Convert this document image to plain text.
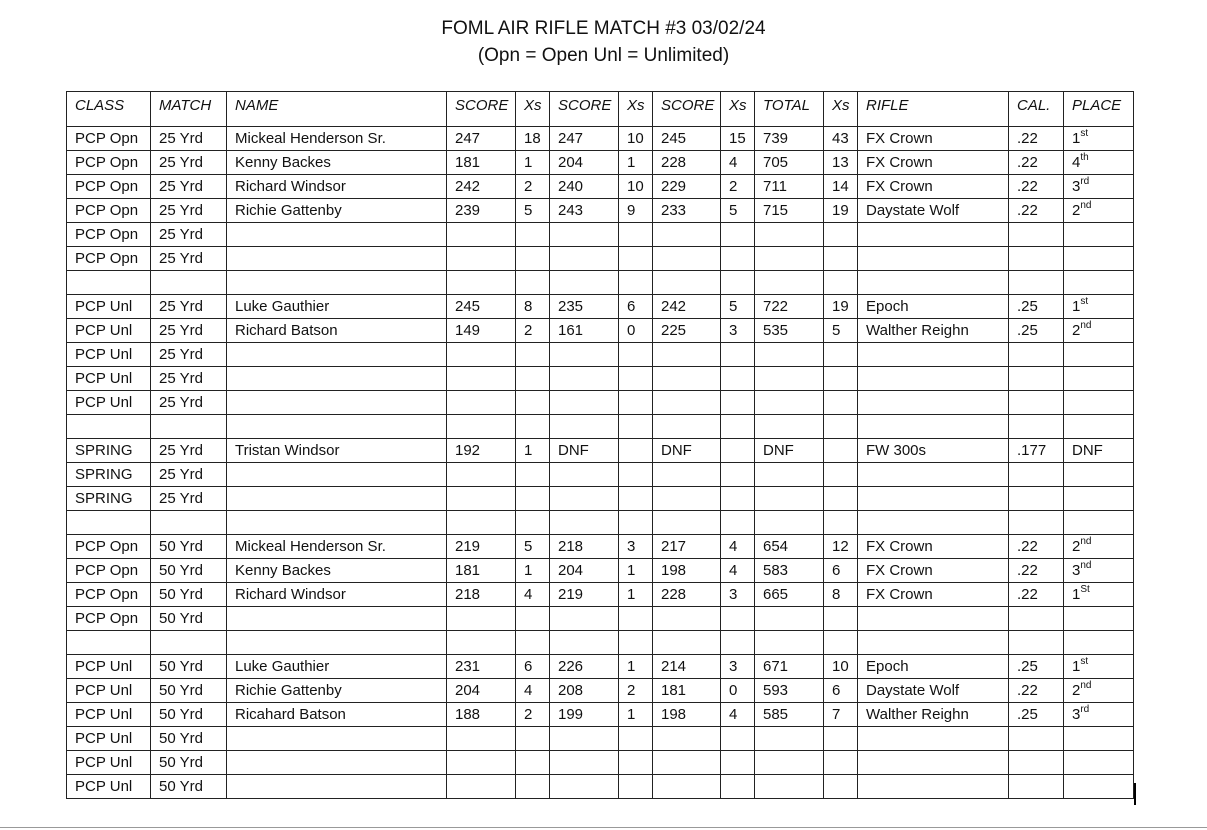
FOML AIR RIFLE MATCH #3 03/02/24
(Opn = Open Unl = Unlimited)
CLASS	MATCH	NAME	SCORE	Xs	SCORE	Xs	SCORE	Xs	TOTAL	Xs	RIFLE	CAL.	PLACE
PCP Opn	25 Yrd	Mickeal Henderson Sr.	247	18	247	10	245	15	739	43	FX Crown	.22	1st
PCP Opn	25 Yrd	Kenny Backes	181	1	204	1	228	4	705	13	FX Crown	.22	4th
PCP Opn	25 Yrd	Richard Windsor	242	2	240	10	229	2	711	14	FX Crown	.22	3rd
PCP Opn	25 Yrd	Richie Gattenby	239	5	243	9	233	5	715	19	Daystate Wolf	.22	2nd
PCP Opn	25 Yrd												
PCP Opn	25 Yrd												

PCP Unl	25 Yrd	Luke Gauthier	245	8	235	6	242	5	722	19	Epoch	.25	1st
PCP Unl	25 Yrd	Richard Batson	149	2	161	0	225	3	535	5	Walther Reighn	.25	2nd
PCP Unl	25 Yrd												
PCP Unl	25 Yrd												
PCP Unl	25 Yrd												

SPRING	25 Yrd	Tristan Windsor	192	1	DNF		DNF		DNF		FW 300s	.177	DNF
SPRING	25 Yrd												
SPRING	25 Yrd												

PCP Opn	50 Yrd	Mickeal Henderson Sr.	219	5	218	3	217	4	654	12	FX Crown	.22	2nd
PCP Opn	50 Yrd	Kenny Backes	181	1	204	1	198	4	583	6	FX Crown	.22	3nd
PCP Opn	50 Yrd	Richard Windsor	218	4	219	1	228	3	665	8	FX Crown	.22	1St
PCP Opn	50 Yrd												

PCP Unl	50 Yrd	Luke Gauthier	231	6	226	1	214	3	671	10	Epoch	.25	1st
PCP Unl	50 Yrd	Richie Gattenby	204	4	208	2	181	0	593	6	Daystate Wolf	.22	2nd
PCP Unl	50 Yrd	Ricahard Batson	188	2	199	1	198	4	585	7	Walther Reighn	.25	3rd
PCP Unl	50 Yrd												
PCP Unl	50 Yrd												
PCP Unl	50 Yrd												
